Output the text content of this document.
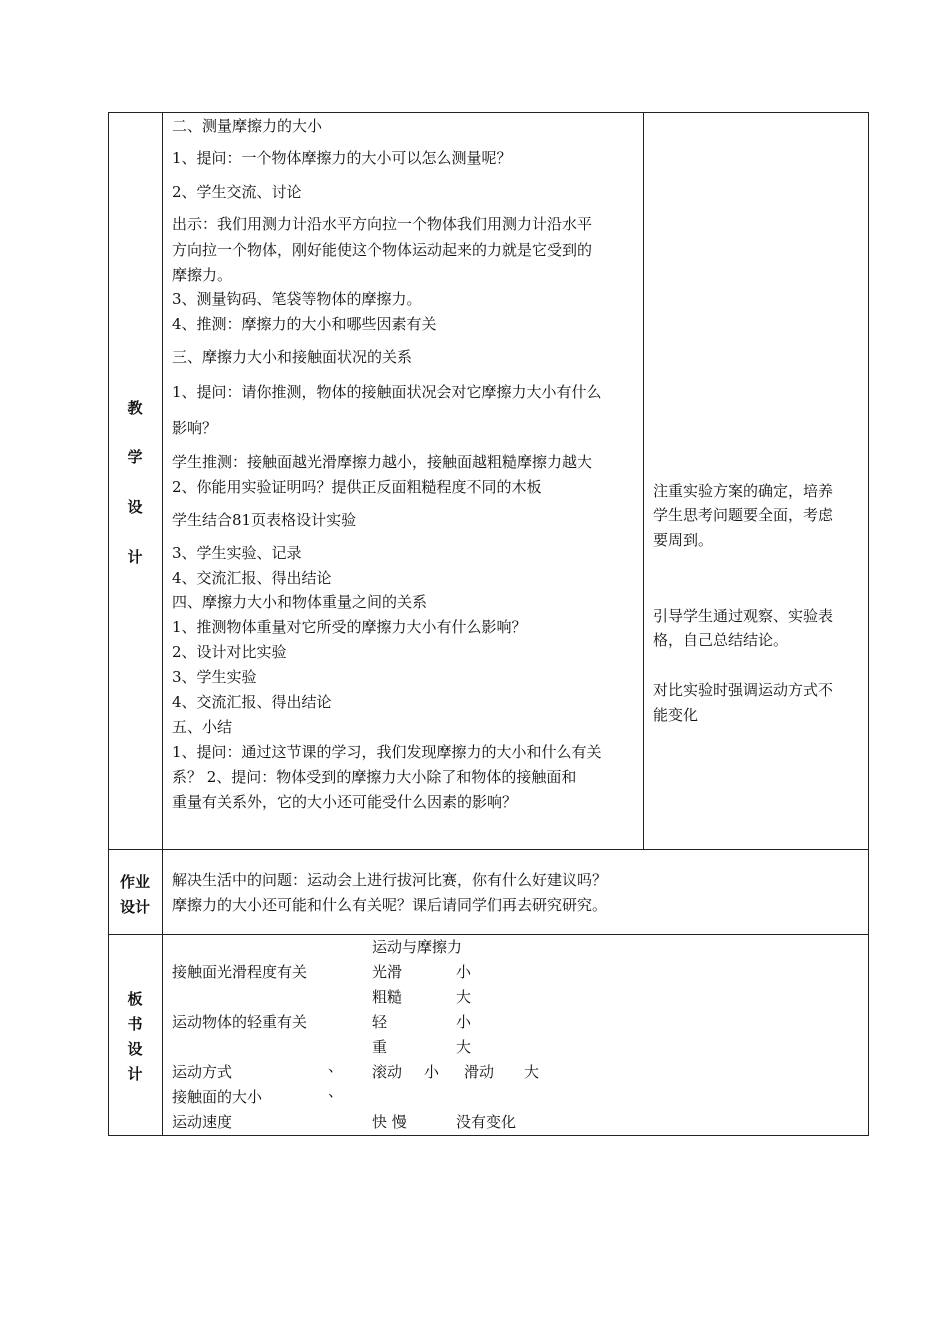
教
学
设
计
二、测量摩擦力的大小
1、提问：一个物体摩擦力的大小可以怎么测量呢？
2、学生交流、讨论
出示：我们用测力计沿水平方向拉一个物体我们用测力计沿水平
方向拉一个物体，刚好能使这个物体运动起来的力就是它受到的
摩擦力。
3、测量钩码、笔袋等物体的摩擦力。
4、推测：摩擦力的大小和哪些因素有关
三、摩擦力大小和接触面状况的关系
1、提问：请你推测，物体的接触面状况会对它摩擦力大小有什么
影响？
学生推测：接触面越光滑摩擦力越小，接触面越粗糙摩擦力越大
2、你能用实验证明吗？提供正反面粗糙程度不同的木板
学生结合81页表格设计实验
3、学生实验、记录
4、交流汇报、得出结论
四、摩擦力大小和物体重量之间的关系
1、推测物体重量对它所受的摩擦力大小有什么影响？
2、设计对比实验
3、学生实验
4、交流汇报、得出结论
五、小结
1、提问：通过这节课的学习，我们发现摩擦力的大小和什么有关
系？ 2、提问：物体受到的摩擦力大小除了和物体的接触面和
重量有关系外，它的大小还可能受什么因素的影响？
注重实验方案的确定，培养
学生思考问题要全面，考虑
要周到。
引导学生通过观察、实验表
格，自己总结结论。
对比实验时强调运动方式不
能变化
作业
设计
解决生活中的问题：运动会上进行拔河比赛，你有什么好建议吗？
摩擦力的大小还可能和什么有关呢？课后请同学们再去研究研究。
板
书
设
计
运动与摩擦力
接触面光滑程度有关	光滑	小
粗糙	大
运动物体的轻重有关	轻	小
重	大
运动方式	、 滚动 小 滑动 大
接触面的大小	、
运动速度	快 慢	没有变化
